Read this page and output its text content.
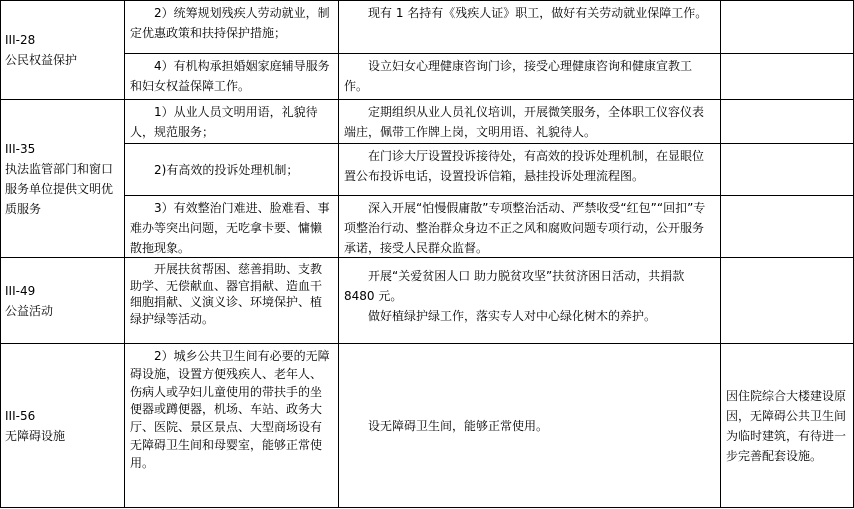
III-28
公民权益保护
2）统筹规划残疾人劳动就业，制定优惠政策和扶持保护措施；
现有 1 名持有《残疾人证》职工，做好有关劳动就业保障工作。
4）有机构承担婚姻家庭辅导服务和妇女权益保障工作。
设立妇女心理健康咨询门诊，接受心理健康咨询和健康宣教工作。
III-35
执法监管部门和窗口服务单位提供文明优质服务
1）从业人员文明用语，礼貌待人，规范服务；
定期组织从业人员礼仪培训，开展微笑服务，全体职工仪容仪表端庄，佩带工作牌上岗，文明用语、礼貌待人。
2)有高效的投诉处理机制；
在门诊大厅设置投诉接待处，有高效的投诉处理机制，在显眼位置公布投诉电话，设置投诉信箱，悬挂投诉处理流程图。
3）有效整治门难进、脸难看、事难办等突出问题，无吃拿卡要、慵懒散拖现象。
深入开展“怕慢假庸散”专项整治活动、严禁收受“红包”“回扣”专项整治行动、整治群众身边不正之风和腐败问题专项行动，公开服务承诺，接受人民群众监督。
III-49
公益活动
开展扶贫帮困、慈善捐助、支教助学、无偿献血、器官捐献、造血干细胞捐献、义演义诊、环境保护、植绿护绿等活动。

开展“关爱贫困人口 助力脱贫攻坚”扶贫济困日活动，共捐款 8480 元。

做好植绿护绿工作，落实专人对中心绿化树木的养护。

III-56
无障碍设施
2）城乡公共卫生间有必要的无障碍设施，设置方便残疾人、老年人、伤病人或孕妇儿童使用的带扶手的坐便器或蹲便器，机场、车站、政务大厅、医院、景区景点、大型商场设有无障碍卫生间和母婴室，能够正常使用。
设无障碍卫生间，能够正常使用。
因住院综合大楼建设原因，无障碍公共卫生间为临时建筑，有待进一步完善配套设施。
